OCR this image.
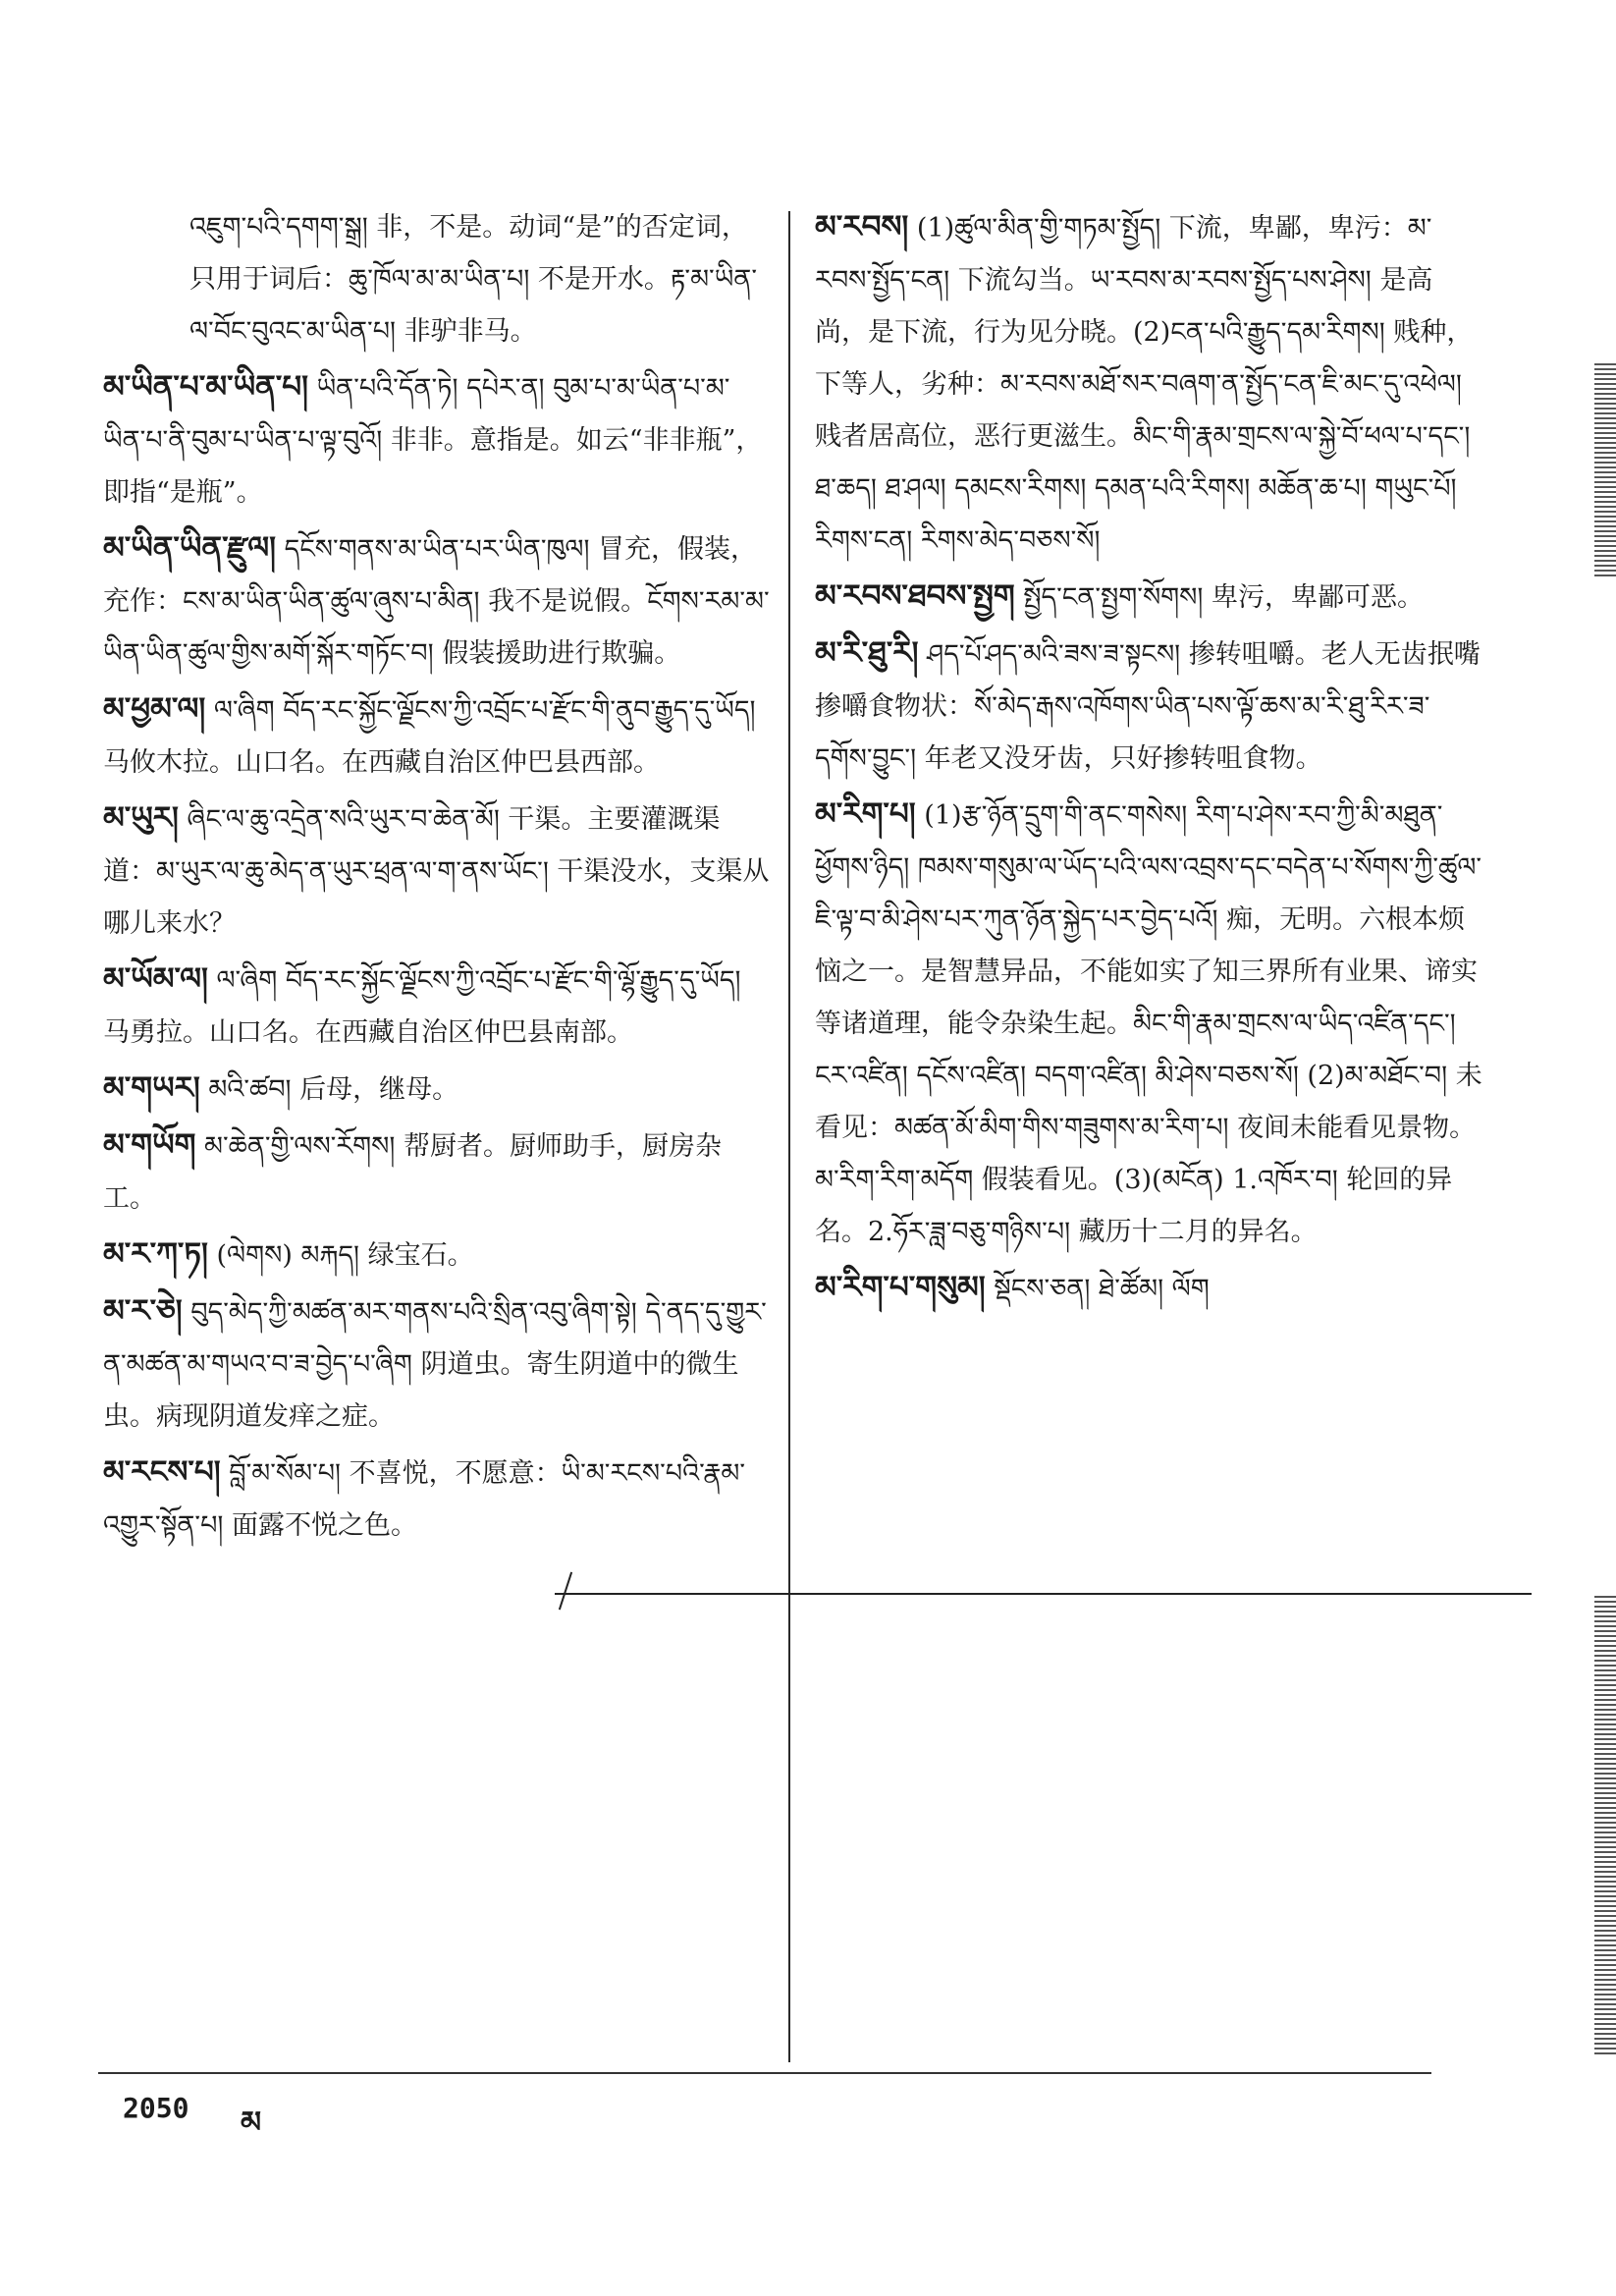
འཇུག་པའི་དགག་སྒྲ། 非，不是。动词“是”的否定词，只用于词后：ཆུ་ཁོལ་མ་མ་ཡིན་པ། 不是开水。རྟ་མ་ཡིན་ལ་བོང་བུའང་མ་ཡིན་པ། 非驴非马。
མ་ཡིན་པ་མ་ཡིན་པ། ཡིན་པའི་དོན་ཏེ། དཔེར་ན། བུམ་པ་མ་ཡིན་པ་མ་ཡིན་པ་ནི་བུམ་པ་ཡིན་པ་ལྟ་བུའོ། 非非。意指是。如云“非非瓶”，即指“是瓶”。
མ་ཡིན་ཡིན་རྫུལ། དངོས་གནས་མ་ཡིན་པར་ཡིན་ཁུལ། 冒充，假装，充作：ངས་མ་ཡིན་ཡིན་ཚུལ་ཞུས་པ་མིན། 我不是说假。ངོགས་རམ་མ་ཡིན་ཡིན་ཚུལ་གྱིས་མགོ་སྐོར་གཏོང་བ། 假装援助进行欺骗。
མ་ཕྱམ་ལ། ལ་ཞིག བོད་རང་སྐྱོང་ལྗོངས་ཀྱི་འབྲོང་པ་རྫོང་གི་ནུབ་རྒྱུད་དུ་ཡོད། 马攸木拉。山口名。在西藏自治区仲巴县西部。
མ་ཡུར། ཞིང་ལ་ཆུ་འདྲེན་སའི་ཡུར་བ་ཆེན་མོ། 干渠。主要灌溉渠道：མ་ཡུར་ལ་ཆུ་མེད་ན་ཡུར་ཕྲན་ལ་ག་ནས་ཡོང་། 干渠没水，支渠从哪儿来水？
མ་ཡོམ་ལ། ལ་ཞིག བོད་རང་སྐྱོང་ལྗོངས་ཀྱི་འབྲོང་པ་རྫོང་གི་ལྷོ་རྒྱུད་དུ་ཡོད། 马勇拉。山口名。在西藏自治区仲巴县南部。
མ་གཡར། མའི་ཚབ། 后母，继母。
མ་གཡོག མ་ཆེན་གྱི་ལས་རོགས། 帮厨者。厨师助手，厨房杂工。
མ་ར་ཀ་ཏ། (ལེགས) མརྐད། 绿宝石。
མ་ར་ཅེ། བུད་མེད་ཀྱི་མཚན་མར་གནས་པའི་སྲིན་འབུ་ཞིག་སྟེ། དེ་ནད་དུ་གྱུར་ན་མཚན་མ་གཡའ་བ་ཟ་བྱེད་པ་ཞིག 阴道虫。寄生阴道中的微生虫。病现阴道发痒之症。
མ་རངས་པ། བློ་མ་སོམ་པ། 不喜悦，不愿意：ཡི་མ་རངས་པའི་རྣམ་འགྱུར་སྟོན་པ། 面露不悦之色。
མ་རབས། (1)ཚུལ་མིན་གྱི་གཏམ་སྤྱོད། 下流，卑鄙，卑污：མ་རབས་སྤྱོད་ངན། 下流勾当。ཡ་རབས་མ་རབས་སྤྱོད་པས་ཤེས། 是高尚，是下流，行为见分晓。(2)ངན་པའི་རྒྱུད་དམ་རིགས། 贱种，下等人，劣种：མ་རབས་མཐོ་སར་བཞག་ན་སྤྱོད་ངན་ཇི་མང་དུ་འཕེལ། 贱者居高位，恶行更滋生。མིང་གི་རྣམ་གྲངས་ལ་སྐྱེ་བོ་ཕལ་པ་དང་། ཐ་ཆད། ཐ་ཤལ། དམངས་རིགས། དམན་པའི་རིགས། མཆོན་ཆ་པ། གཡུང་པོ། རིགས་ངན། རིགས་མེད་བཅས་སོ།
མ་རབས་ཐབས་སྤྱག སྤྱོད་ངན་སྤྱག་སོགས། 卑污，卑鄙可恶。
མ་རི་ཐུ་རི། ཤད་པོ་ཤད་མའི་ཟས་ཟ་སྟངས། 掺转咀嚼。老人无齿抿嘴掺嚼食物状：སོ་མེད་རྒས་འཁོགས་ཡིན་པས་ལྟོ་ཆས་མ་རི་ཐུ་རིར་ཟ་དགོས་བྱུང་། 年老又没牙齿，只好掺转咀食物。
མ་རིག་པ། (1)རྩ་ཉོན་དྲུག་གི་ནང་གསེས། རིག་པ་ཤེས་རབ་ཀྱི་མི་མཐུན་ཕྱོགས་ཉིད། ཁམས་གསུམ་ལ་ཡོད་པའི་ལས་འབྲས་དང་བདེན་པ་སོགས་ཀྱི་ཚུལ་ཇི་ལྟ་བ་མི་ཤེས་པར་ཀུན་ཉོན་སྐྱེད་པར་བྱེད་པའོ། 痴，无明。六根本烦恼之一。是智慧异品，不能如实了知三界所有业果、谛实等诸道理，能令杂染生起。མིང་གི་རྣམ་གྲངས་ལ་ཡིད་འཛིན་དང་། ངར་འཛིན། དངོས་འཛིན། བདག་འཛིན། མི་ཤེས་བཅས་སོ། (2)མ་མཐོང་བ། 未看见：མཚན་མོ་མིག་གིས་གཟུགས་མ་རིག་པ། 夜间未能看见景物。མ་རིག་རིག་མདོག 假装看见。(3)(མངོན) 1.འཁོར་བ། 轮回的异名。2.ཧོར་ཟླ་བཅུ་གཉིས་པ། 藏历十二月的异名。
མ་རིག་པ་གསུམ། སྡོངས་ཅན། ཐེ་ཚོམ། ལོག
2050 མ
